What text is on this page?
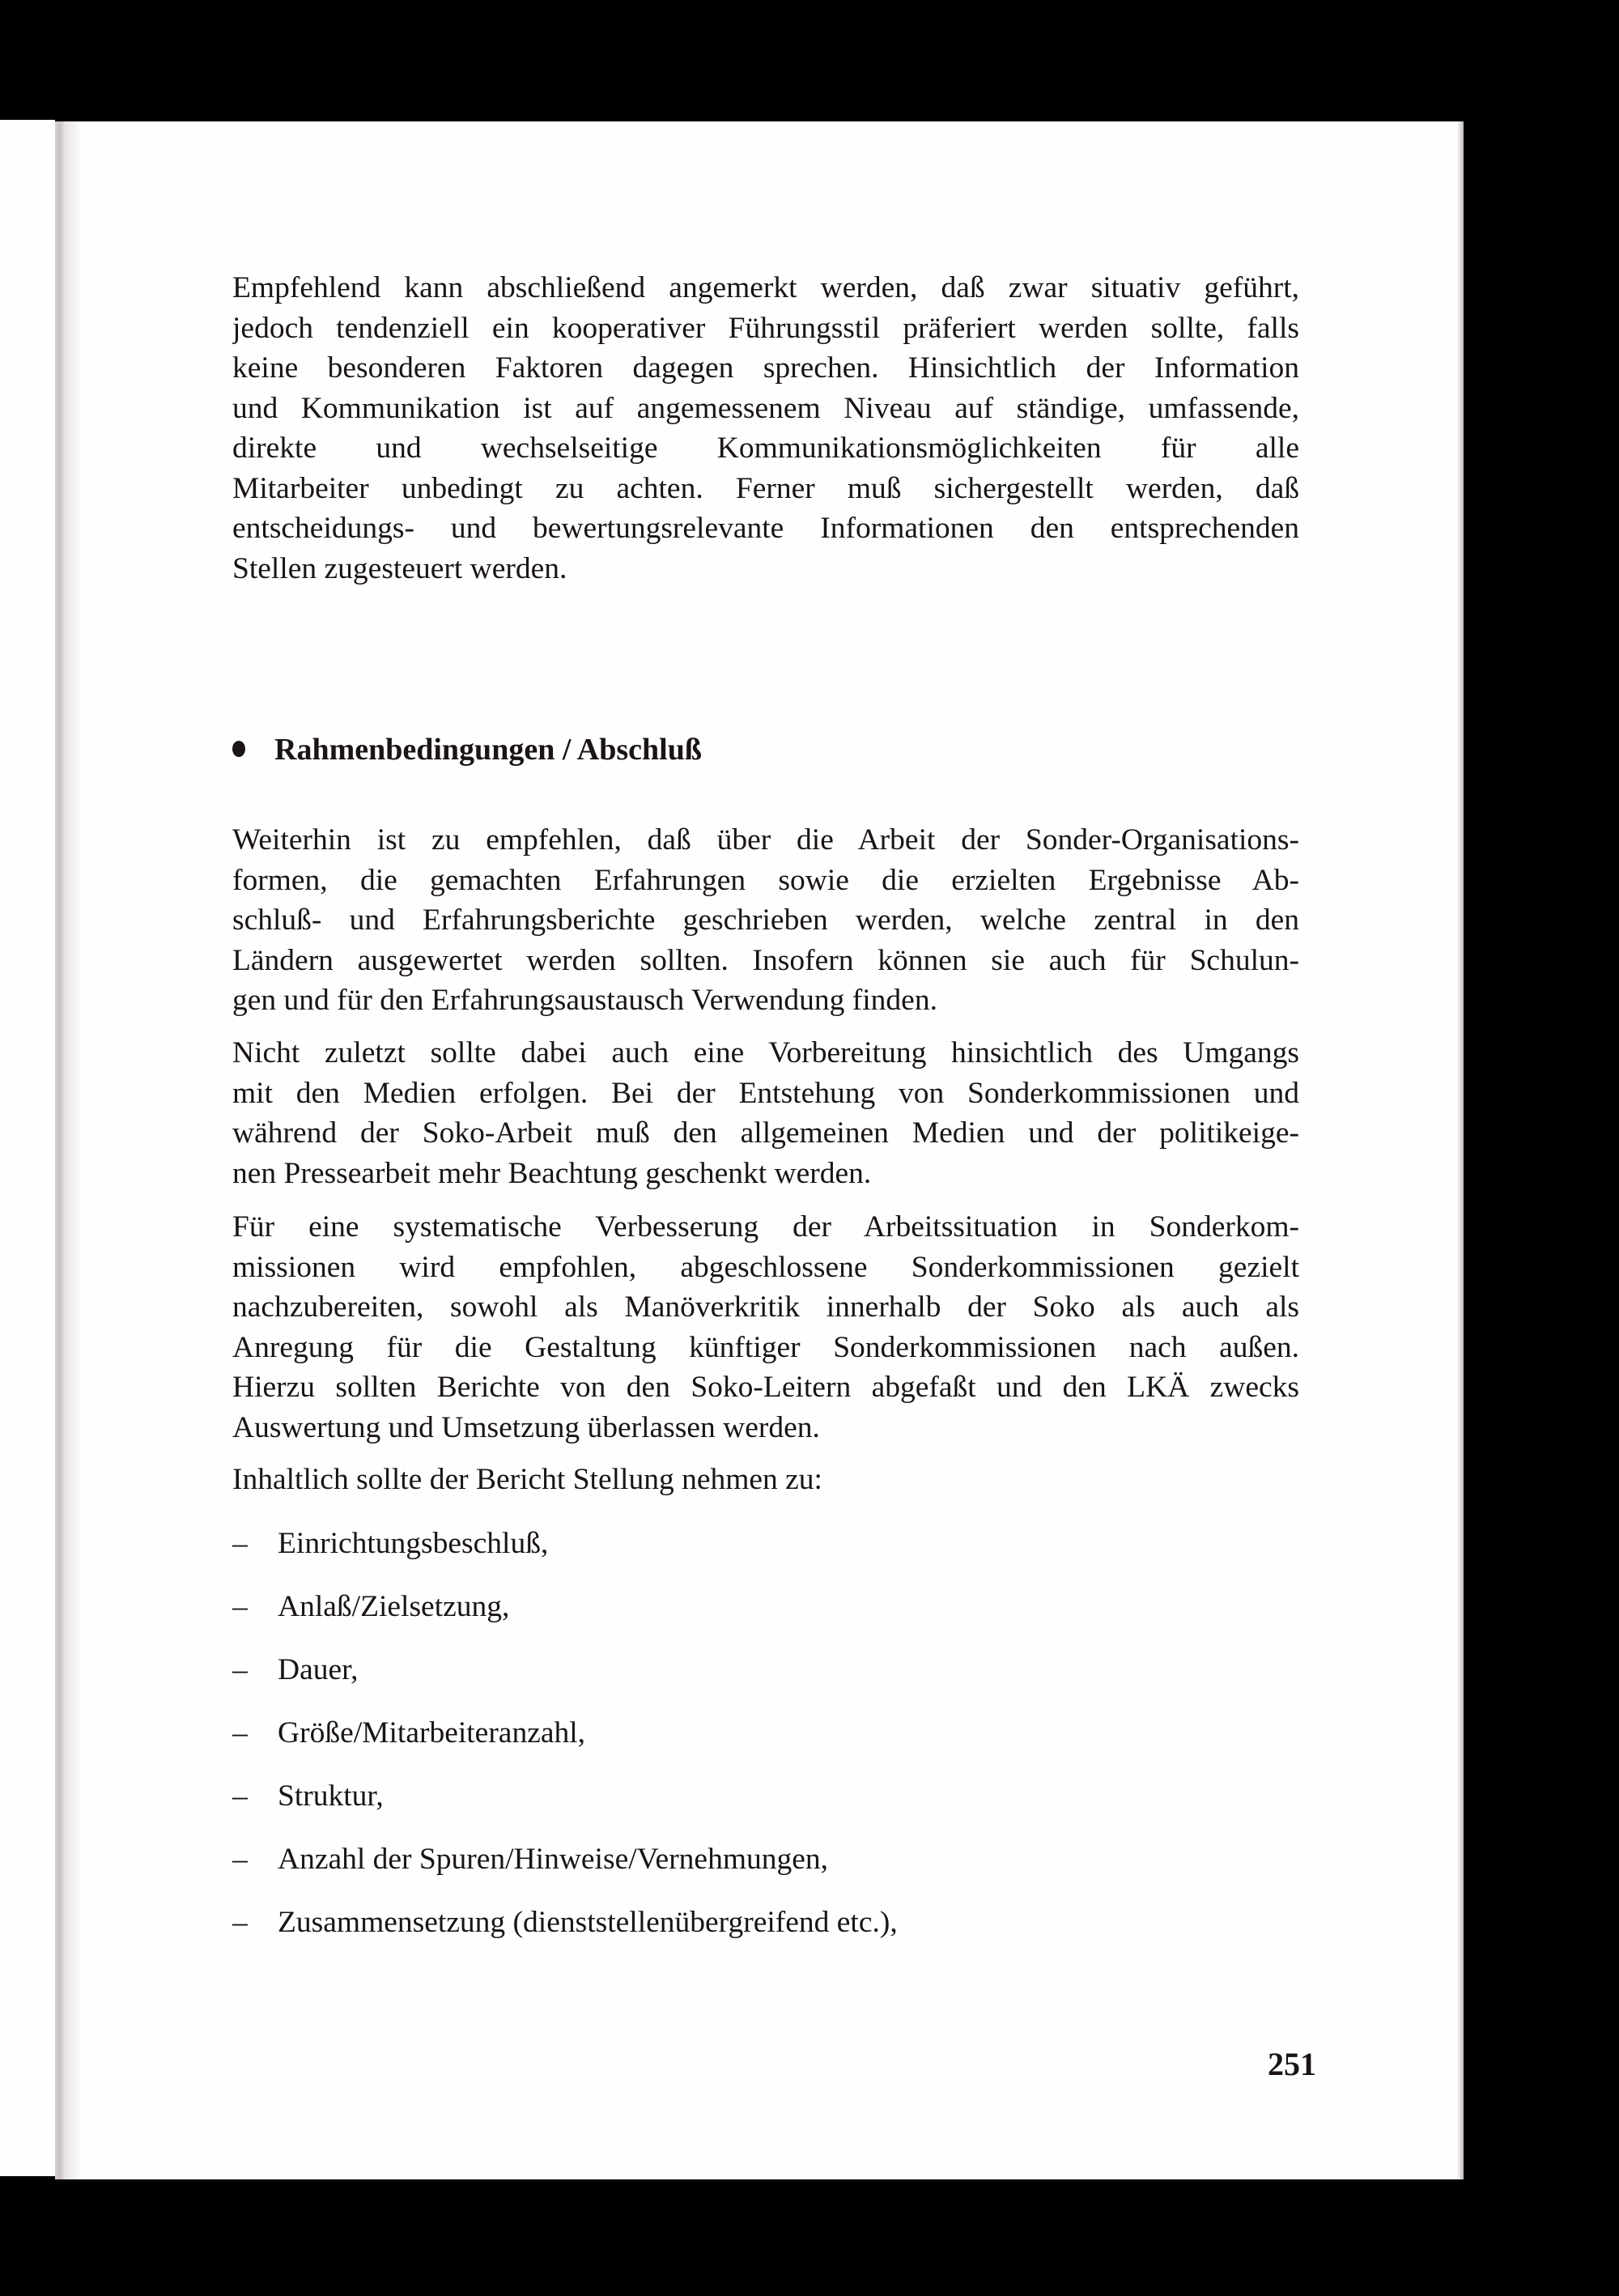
Empfehlend kann abschließend angemerkt werden, daß zwar situativ geführt,
jedoch tendenziell ein kooperativer Führungsstil präferiert werden sollte, falls
keine besonderen Faktoren dagegen sprechen. Hinsichtlich der Information
und Kommunikation ist auf angemessenem Niveau auf ständige, umfassende,
direkte und wechselseitige Kommunikationsmöglichkeiten für alle
Mitarbeiter unbedingt zu achten. Ferner muß sichergestellt werden, daß
entscheidungs- und bewertungsrelevante Informationen den entsprechenden
Stellen zugesteuert werden.
Rahmenbedingungen / Abschluß
Weiterhin ist zu empfehlen, daß über die Arbeit der Sonder-Organisations-
formen, die gemachten Erfahrungen sowie die erzielten Ergebnisse Ab-
schluß- und Erfahrungsberichte geschrieben werden, welche zentral in den
Ländern ausgewertet werden sollten. Insofern können sie auch für Schulun-
gen und für den Erfahrungsaustausch Verwendung finden.
Nicht zuletzt sollte dabei auch eine Vorbereitung hinsichtlich des Umgangs
mit den Medien erfolgen. Bei der Entstehung von Sonderkommissionen und
während der Soko-Arbeit muß den allgemeinen Medien und der politikeige-
nen Pressearbeit mehr Beachtung geschenkt werden.
Für eine systematische Verbesserung der Arbeitssituation in Sonderkom-
missionen wird empfohlen, abgeschlossene Sonderkommissionen gezielt
nachzubereiten, sowohl als Manöverkritik innerhalb der Soko als auch als
Anregung für die Gestaltung künftiger Sonderkommissionen nach außen.
Hierzu sollten Berichte von den Soko-Leitern abgefaßt und den LKÄ zwecks
Auswertung und Umsetzung überlassen werden.
Inhaltlich sollte der Bericht Stellung nehmen zu:
– Einrichtungsbeschluß,
– Anlaß/Zielsetzung,
– Dauer,
– Größe/Mitarbeiteranzahl,
– Struktur,
– Anzahl der Spuren/Hinweise/Vernehmungen,
– Zusammensetzung (dienststellenübergreifend etc.),
251
